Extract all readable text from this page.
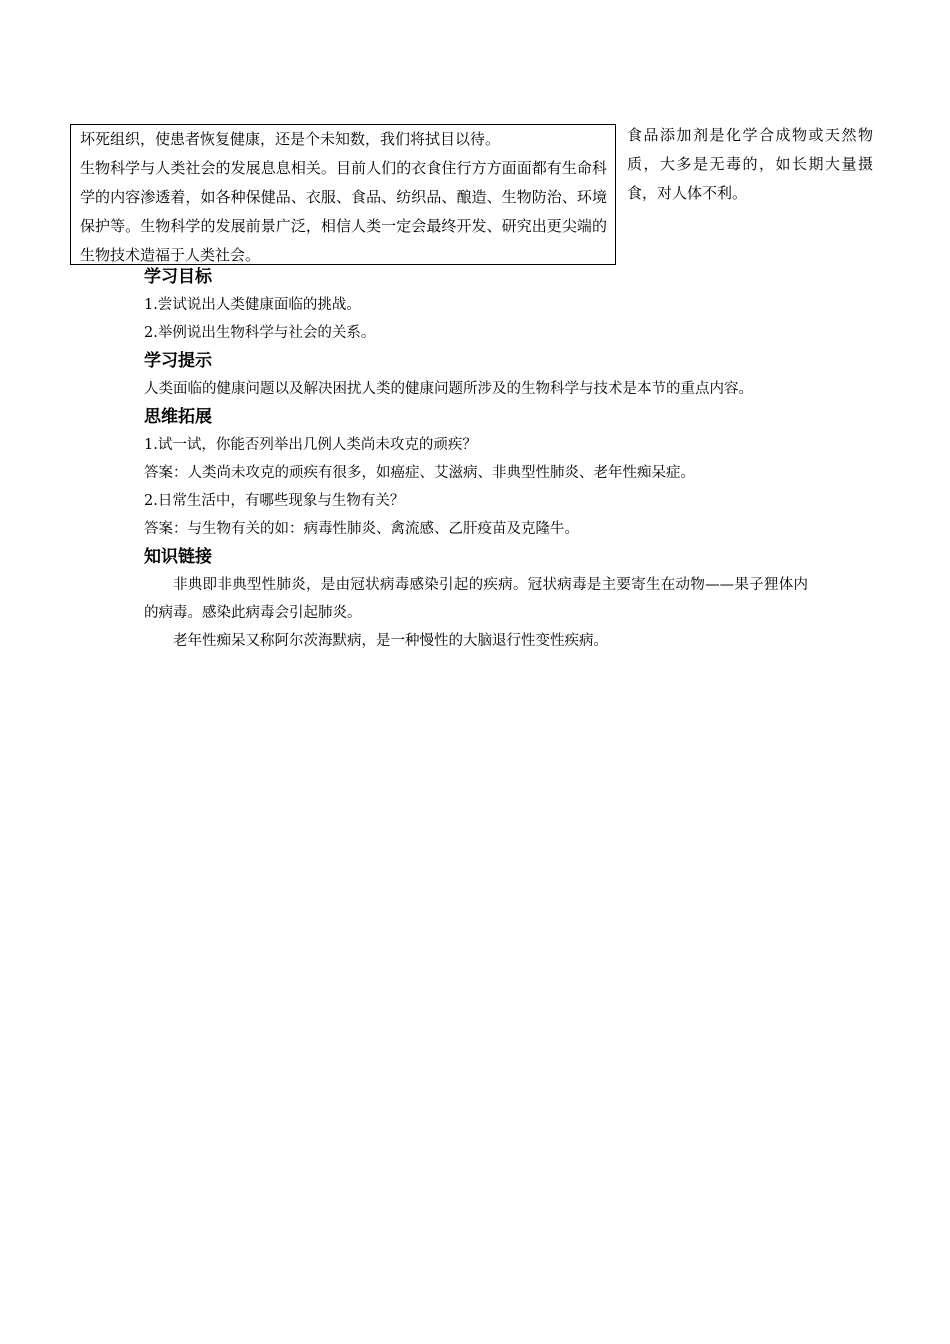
坏死组织，使患者恢复健康，还是个未知数，我们将拭目以待。

生物科学与人类社会的发展息息相关。目前人们的衣食住行方方面面都有生命科学的内容渗透着，如各种保健品、衣服、食品、纺织品、酿造、生物防治、环境保护等。生物科学的发展前景广泛，相信人类一定会最终开发、研究出更尖端的生物技术造福于人类社会。

食品添加剂是化学合成物或天然物质，大多是无毒的，如长期大量摄食，对人体不利。

学习目标

1.尝试说出人类健康面临的挑战。

2.举例说出生物科学与社会的关系。

学习提示

人类面临的健康问题以及解决困扰人类的健康问题所涉及的生物科学与技术是本节的重点内容。

思维拓展

1.试一试，你能否列举出几例人类尚未攻克的顽疾？

答案：人类尚未攻克的顽疾有很多，如癌症、艾滋病、非典型性肺炎、老年性痴呆症。

2.日常生活中，有哪些现象与生物有关？

答案：与生物有关的如：病毒性肺炎、禽流感、乙肝疫苗及克隆牛。

知识链接

非典即非典型性肺炎，是由冠状病毒感染引起的疾病。冠状病毒是主要寄生在动物——果子狸体内的病毒。感染此病毒会引起肺炎。

老年性痴呆又称阿尔茨海默病，是一种慢性的大脑退行性变性疾病。
